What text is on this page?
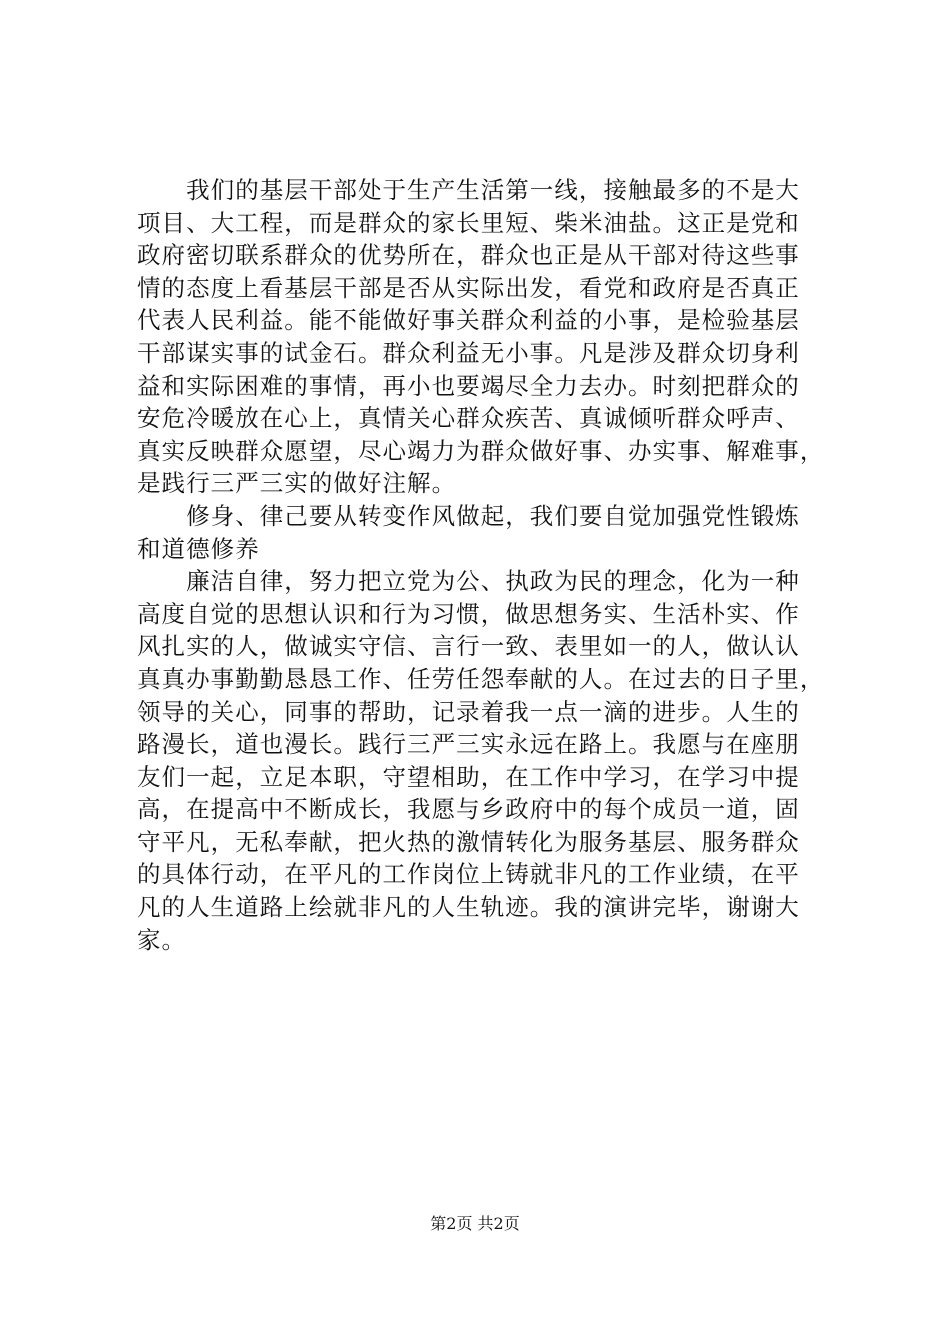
　　我们的基层干部处于生产生活第一线，接触最多的不是大
项目、大工程，而是群众的家长里短、柴米油盐。这正是党和
政府密切联系群众的优势所在，群众也正是从干部对待这些事
情的态度上看基层干部是否从实际出发，看党和政府是否真正
代表人民利益。能不能做好事关群众利益的小事，是检验基层
干部谋实事的试金石。群众利益无小事。凡是涉及群众切身利
益和实际困难的事情，再小也要竭尽全力去办。时刻把群众的
安危冷暖放在心上，真情关心群众疾苦、真诚倾听群众呼声、
真实反映群众愿望，尽心竭力为群众做好事、办实事、解难事，
是践行三严三实的做好注解。
　　修身、律己要从转变作风做起，我们要自觉加强党性锻炼
和道德修养
　　廉洁自律，努力把立党为公、执政为民的理念，化为一种
高度自觉的思想认识和行为习惯，做思想务实、生活朴实、作
风扎实的人，做诚实守信、言行一致、表里如一的人，做认认
真真办事勤勤恳恳工作、任劳任怨奉献的人。在过去的日子里，
领导的关心，同事的帮助，记录着我一点一滴的进步。人生的
路漫长，道也漫长。践行三严三实永远在路上。我愿与在座朋
友们一起，立足本职，守望相助，在工作中学习，在学习中提
高，在提高中不断成长，我愿与乡政府中的每个成员一道，固
守平凡，无私奉献，把火热的激情转化为服务基层、服务群众
的具体行动，在平凡的工作岗位上铸就非凡的工作业绩，在平
凡的人生道路上绘就非凡的人生轨迹。我的演讲完毕，谢谢大
家。
第2页 共2页
